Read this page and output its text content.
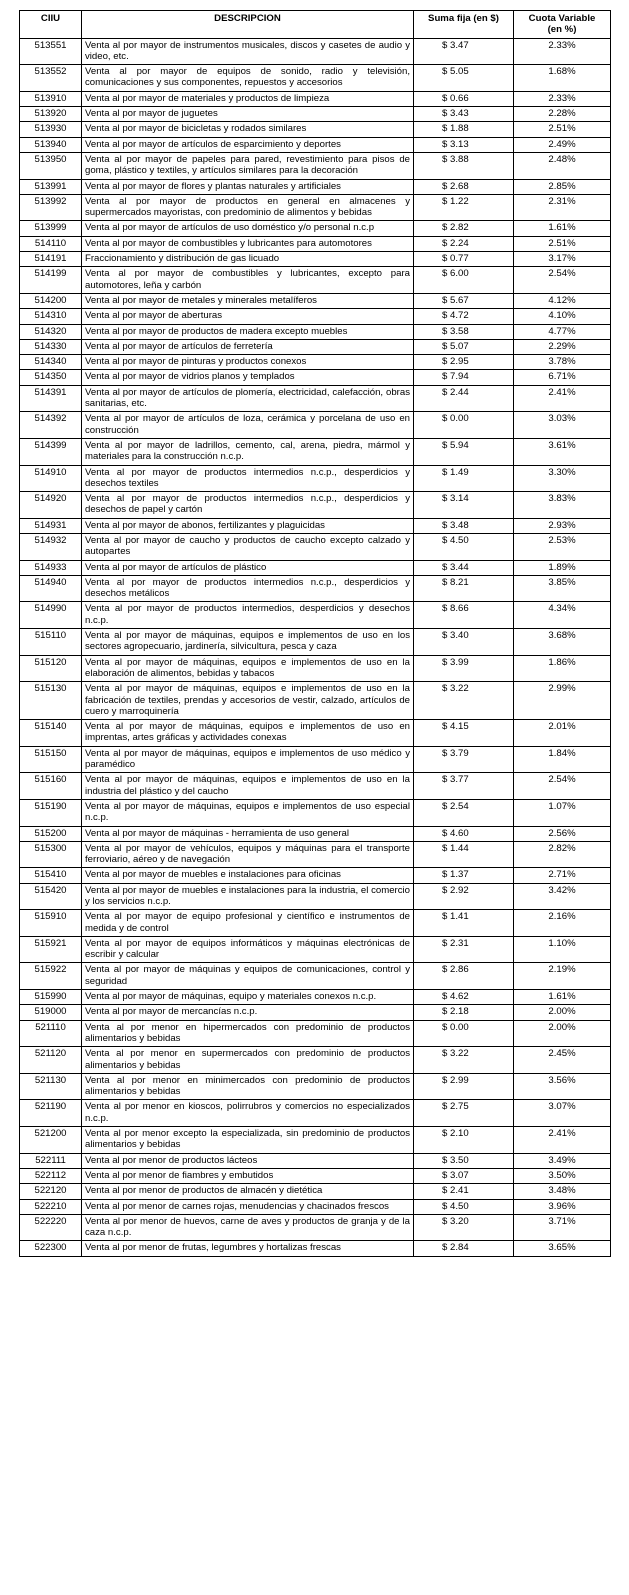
CIIU	DESCRIPCION	Suma fija (en $)	Cuota Variable
(en %)
513551	Venta al por mayor de instrumentos musicales, discos y casetes de audio y video, etc.	$ 3.47	2.33%
513552	Venta al por mayor de equipos de sonido, radio y televisión, comunicaciones y sus componentes, repuestos y accesorios	$ 5.05	1.68%
513910	Venta al por mayor de materiales y productos de limpieza	$ 0.66	2.33%
513920	Venta al por mayor de juguetes	$ 3.43	2.28%
513930	Venta al por mayor de bicicletas y rodados similares	$ 1.88	2.51%
513940	Venta al por mayor de artículos de esparcimiento y deportes	$ 3.13	2.49%
513950	Venta al por mayor de papeles para pared, revestimiento para pisos de goma, plástico y textiles, y artículos similares para la decoración	$ 3.88	2.48%
513991	Venta al por mayor de flores y plantas naturales y artificiales	$ 2.68	2.85%
513992	Venta al por mayor de productos en general en almacenes y supermercados mayoristas, con predominio de alimentos y bebidas	$ 1.22	2.31%
513999	Venta al por mayor de artículos de uso doméstico y/o personal n.c.p	$ 2.82	1.61%
514110	Venta al por mayor de combustibles y lubricantes para automotores	$ 2.24	2.51%
514191	Fraccionamiento y distribución de gas licuado	$ 0.77	3.17%
514199	Venta al por mayor de combustibles y lubricantes, excepto para automotores, leña y carbón	$ 6.00	2.54%
514200	Venta al por mayor de metales y minerales metalíferos	$ 5.67	4.12%
514310	Venta al por mayor de aberturas	$ 4.72	4.10%
514320	Venta al por mayor de productos de madera excepto muebles	$ 3.58	4.77%
514330	Venta al por mayor de artículos de ferretería	$ 5.07	2.29%
514340	Venta al por mayor de pinturas y productos conexos	$ 2.95	3.78%
514350	Venta al por mayor de vidrios planos y templados	$ 7.94	6.71%
514391	Venta al por mayor de artículos de plomería, electricidad, calefacción, obras sanitarias, etc.	$ 2.44	2.41%
514392	Venta al por mayor de artículos de loza, cerámica y porcelana de uso en construcción	$ 0.00	3.03%
514399	Venta al por mayor de ladrillos, cemento, cal, arena, piedra, mármol y materiales para la construcción n.c.p.	$ 5.94	3.61%
514910	Venta al por mayor de productos intermedios n.c.p., desperdicios y desechos textiles	$ 1.49	3.30%
514920	Venta al por mayor de productos intermedios n.c.p., desperdicios y desechos de papel y cartón	$ 3.14	3.83%
514931	Venta al por mayor de abonos, fertilizantes y plaguicidas	$ 3.48	2.93%
514932	Venta al por mayor de caucho y productos de caucho excepto calzado y autopartes	$ 4.50	2.53%
514933	Venta al por mayor de artículos de plástico	$ 3.44	1.89%
514940	Venta al por mayor de productos intermedios n.c.p., desperdicios y desechos metálicos	$ 8.21	3.85%
514990	Venta al por mayor de productos intermedios, desperdicios y desechos n.c.p.	$ 8.66	4.34%
515110	Venta al por mayor de máquinas, equipos e implementos de uso en los sectores agropecuario, jardinería, silvicultura, pesca y caza	$ 3.40	3.68%
515120	Venta al por mayor de máquinas, equipos e implementos de uso en la elaboración de alimentos, bebidas y tabacos	$ 3.99	1.86%
515130	Venta al por mayor de máquinas, equipos e implementos de uso en la fabricación de textiles, prendas y accesorios de vestir, calzado, artículos de cuero y marroquinería	$ 3.22	2.99%
515140	Venta al por mayor de máquinas, equipos e implementos de uso en imprentas, artes gráficas y actividades conexas	$ 4.15	2.01%
515150	Venta al por mayor de máquinas, equipos e implementos de uso médico y paramédico	$ 3.79	1.84%
515160	Venta al por mayor de máquinas, equipos e implementos de uso en la industria del plástico y del caucho	$ 3.77	2.54%
515190	Venta al por mayor de máquinas, equipos e implementos de uso especial n.c.p.	$ 2.54	1.07%
515200	Venta al por mayor de máquinas - herramienta de uso general	$ 4.60	2.56%
515300	Venta al por mayor de vehículos, equipos y máquinas para el transporte ferroviario, aéreo y de navegación	$ 1.44	2.82%
515410	Venta al por mayor de muebles e instalaciones para oficinas	$ 1.37	2.71%
515420	Venta al por mayor de muebles e instalaciones para la industria, el comercio y los servicios n.c.p.	$ 2.92	3.42%
515910	Venta al por mayor de equipo profesional y científico e instrumentos de medida y de control	$ 1.41	2.16%
515921	Venta al por mayor de equipos informáticos y máquinas electrónicas de escribir y calcular	$ 2.31	1.10%
515922	Venta al por mayor de máquinas y equipos de comunicaciones, control y seguridad	$ 2.86	2.19%
515990	Venta al por mayor de máquinas, equipo y materiales conexos n.c.p.	$ 4.62	1.61%
519000	Venta al por mayor de mercancías n.c.p.	$ 2.18	2.00%
521110	Venta al por menor en hipermercados con predominio de productos alimentarios y bebidas	$ 0.00	2.00%
521120	Venta al por menor en supermercados con predominio de productos alimentarios y bebidas	$ 3.22	2.45%
521130	Venta al por menor en minimercados con predominio de productos alimentarios y bebidas	$ 2.99	3.56%
521190	Venta al por menor en kioscos, polirrubros y comercios no especializados n.c.p.	$ 2.75	3.07%
521200	Venta al por menor excepto la especializada, sin predominio de productos alimentarios y bebidas	$ 2.10	2.41%
522111	Venta al por menor de productos lácteos	$ 3.50	3.49%
522112	Venta al por menor de fiambres y embutidos	$ 3.07	3.50%
522120	Venta al por menor de productos de almacén y dietética	$ 2.41	3.48%
522210	Venta al por menor de carnes rojas, menudencias y chacinados frescos	$ 4.50	3.96%
522220	Venta al por menor de huevos, carne de aves y productos de granja y de la caza n.c.p.	$ 3.20	3.71%
522300	Venta al por menor de frutas, legumbres y hortalizas frescas	$ 2.84	3.65%
